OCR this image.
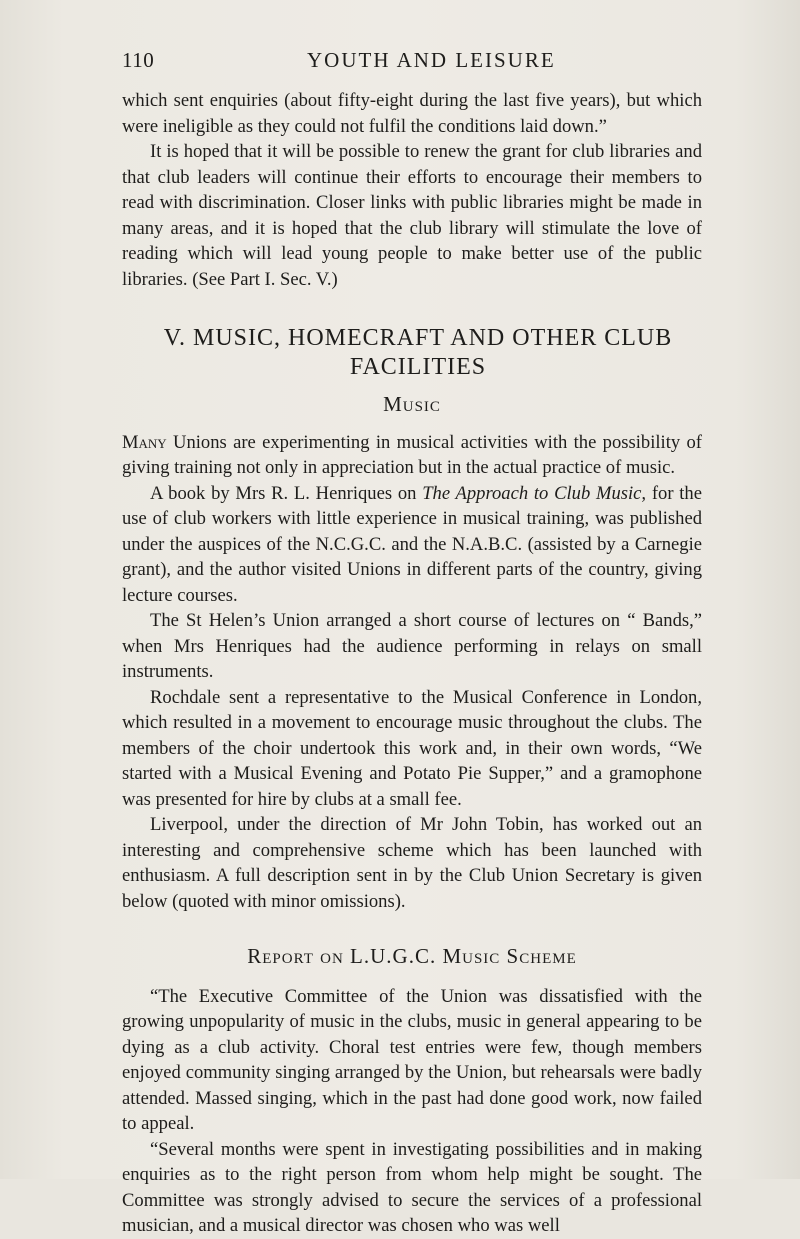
110	YOUTH AND LEISURE

which sent enquiries (about fifty-eight during the last five years), but which were ineligible as they could not fulfil the conditions laid down.”

It is hoped that it will be possible to renew the grant for club libraries and that club leaders will continue their efforts to encourage their members to read with discrimination. Closer links with public libraries might be made in many areas, and it is hoped that the club library will stimulate the love of reading which will lead young people to make better use of the public libraries. (See Part I. Sec. V.)

V. MUSIC, HOMECRAFT AND OTHER CLUB FACILITIES
Music

Many Unions are experimenting in musical activities with the possibility of giving training not only in appreciation but in the actual practice of music.

A book by Mrs R. L. Henriques on The Approach to Club Music, for the use of club workers with little experience in musical training, was published under the auspices of the N.C.G.C. and the N.A.B.C. (assisted by a Carnegie grant), and the author visited Unions in different parts of the country, giving lecture courses.

The St Helen’s Union arranged a short course of lectures on “ Bands,” when Mrs Henriques had the audience performing in relays on small instruments.

Rochdale sent a representative to the Musical Conference in London, which resulted in a movement to encourage music throughout the clubs. The members of the choir undertook this work and, in their own words, “We started with a Musical Evening and Potato Pie Supper,” and a gramophone was presented for hire by clubs at a small fee.

Liverpool, under the direction of Mr John Tobin, has worked out an interesting and comprehensive scheme which has been launched with enthusiasm. A full description sent in by the Club Union Secretary is given below (quoted with minor omissions).

Report on L.U.G.C. Music Scheme

“The Executive Committee of the Union was dissatisfied with the growing unpopularity of music in the clubs, music in general appearing to be dying as a club activity. Choral test entries were few, though members enjoyed community singing arranged by the Union, but rehearsals were badly attended. Massed singing, which in the past had done good work, now failed to appeal.

“Several months were spent in investigating possibilities and in making enquiries as to the right person from whom help might be sought. The Committee was strongly advised to secure the services of a professional musician, and a musical director was chosen who was well
